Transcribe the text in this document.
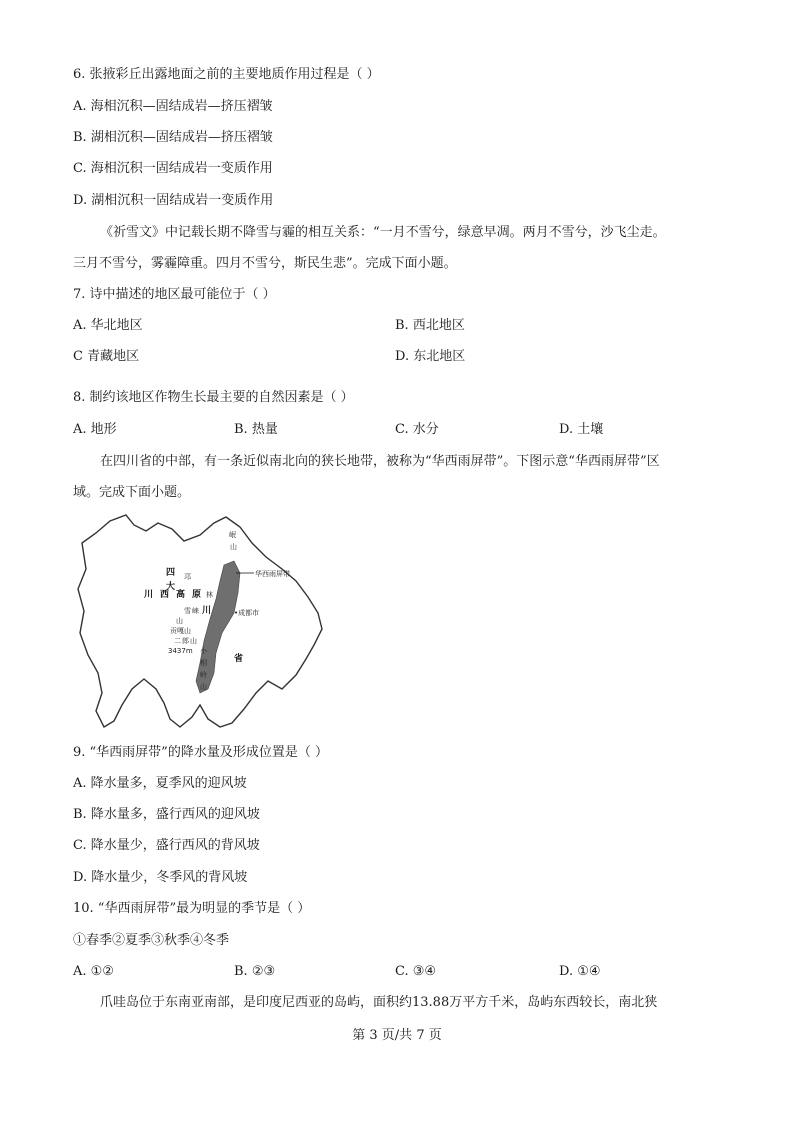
6. 张掖彩丘出露地面之前的主要地质作用过程是（ ）
A. 海相沉积—固结成岩—挤压褶皱
B. 湖相沉积—固结成岩—挤压褶皱
C. 海相沉积一固结成岩一变质作用
D. 湖相沉积一固结成岩一变质作用
《祈雪文》中记载长期不降雪与霾的相互关系：“一月不雪兮，绿意早凋。两月不雪兮，沙飞尘走。
三月不雪兮，雾霾障重。四月不雪兮，斯民生悲”。完成下面小题。
7. 诗中描述的地区最可能位于（ ）
A. 华北地区	B. 西北地区
C 青藏地区	D. 东北地区
8. 制约该地区作物生长最主要的自然因素是（ ）
A. 地形	B. 热量	C. 水分	D. 土壤
在四川省的中部，有一条近似南北向的狭长地带，被称为“华西雨屏带”。下图示意“华西雨屏带”区
域。完成下面小题。
华西雨屏带
岷
山
四 邛
大
川 西 高 原 林
雪 崃 川
山
•成都市
贡嘎山
二 郎 山
3437m 小
相
岭
山
省
9. “华西雨屏带”的降水量及形成位置是（ ）
A. 降水量多，夏季风的迎风坡
B. 降水量多，盛行西风的迎风坡
C. 降水量少，盛行西风的背风坡
D. 降水量少，冬季风的背风坡
10. “华西雨屏带”最为明显的季节是（ ）
①春季②夏季③秋季④冬季
A. ①②	B. ②③	C. ③④	D. ①④
爪哇岛位于东南亚南部，是印度尼西亚的岛屿，面积约13.88万平方千米，岛屿东西较长，南北狭
第 3 页/共 7 页
